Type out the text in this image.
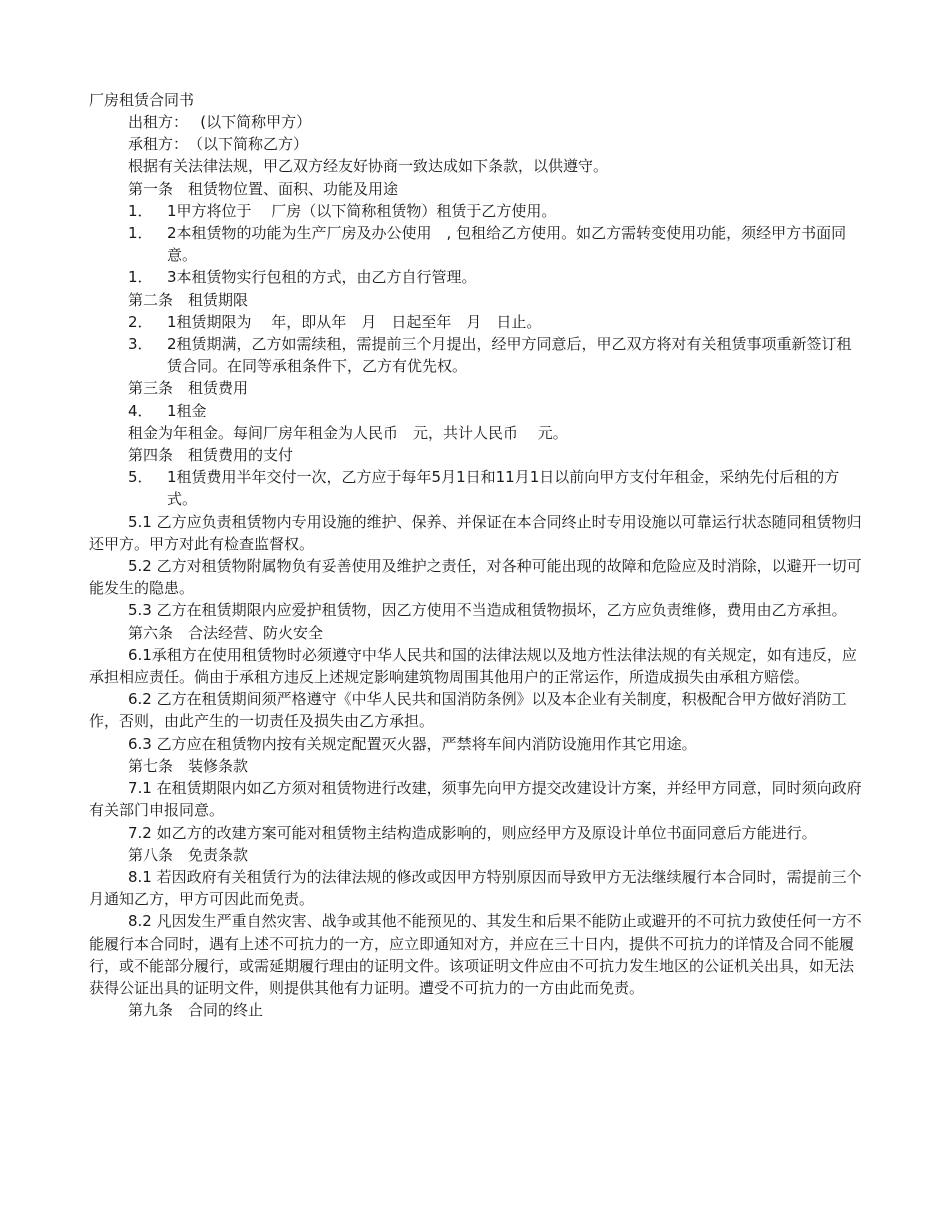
厂房租赁合同书
出租方：　 (以下简称甲方）
承租方：　（以下简称乙方）
根据有关法律法规，甲乙双方经友好协商一致达成如下条款，以供遵守。
第一条　租赁物位置、面积、功能及用途
1． 1甲方将位于　 厂房（以下简称租赁物）租赁于乙方使用。
1． 2本租赁物的功能为生产厂房及办公使用　, 包租给乙方使用。如乙方需转变使用功能，须经甲方书面同意。
1． 3本租赁物实行包租的方式，由乙方自行管理。
第二条　租赁期限
2． 1租赁期限为　 年，即从年　月　日起至年　月　日止。
3． 2租赁期满，乙方如需续租，需提前三个月提出，经甲方同意后，甲乙双方将对有关租赁事项重新签订租赁合同。在同等承租条件下，乙方有优先权。
第三条　租赁费用
4． 1租金
租金为年租金。每间厂房年租金为人民币　元，共计人民币　 元。
第四条　租赁费用的支付
5． 1租赁费用半年交付一次，乙方应于每年5月1日和11月1日以前向甲方支付年租金，采纳先付后租的方式。
5.1 乙方应负责租赁物内专用设施的维护、保养、并保证在本合同终止时专用设施以可靠运行状态随同租赁物归还甲方。甲方对此有检查监督权。
5.2 乙方对租赁物附属物负有妥善使用及维护之责任，对各种可能出现的故障和危险应及时消除，以避开一切可能发生的隐患。
5.3 乙方在租赁期限内应爱护租赁物，因乙方使用不当造成租赁物损坏，乙方应负责维修，费用由乙方承担。
第六条　合法经营、防火安全
6.1承租方在使用租赁物时必须遵守中华人民共和国的法律法规以及地方性法律法规的有关规定，如有违反，应承担相应责任。倘由于承租方违反上述规定影响建筑物周围其他用户的正常运作，所造成损失由承租方赔偿。
6.2 乙方在租赁期间须严格遵守《中华人民共和国消防条例》以及本企业有关制度，积极配合甲方做好消防工作，否则，由此产生的一切责任及损失由乙方承担。
6.3 乙方应在租赁物内按有关规定配置灭火器，严禁将车间内消防设施用作其它用途。
第七条　装修条款
7.1 在租赁期限内如乙方须对租赁物进行改建，须事先向甲方提交改建设计方案，并经甲方同意，同时须向政府有关部门申报同意。
7.2 如乙方的改建方案可能对租赁物主结构造成影响的，则应经甲方及原设计单位书面同意后方能进行。
第八条　免责条款
8.1 若因政府有关租赁行为的法律法规的修改或因甲方特别原因而导致甲方无法继续履行本合同时，需提前三个月通知乙方，甲方可因此而免责。
8.2 凡因发生严重自然灾害、战争或其他不能预见的、其发生和后果不能防止或避开的不可抗力致使任何一方不能履行本合同时，遇有上述不可抗力的一方，应立即通知对方，并应在三十日内，提供不可抗力的详情及合同不能履行，或不能部分履行，或需延期履行理由的证明文件。该项证明文件应由不可抗力发生地区的公证机关出具，如无法获得公证出具的证明文件，则提供其他有力证明。遭受不可抗力的一方由此而免责。
第九条　合同的终止
